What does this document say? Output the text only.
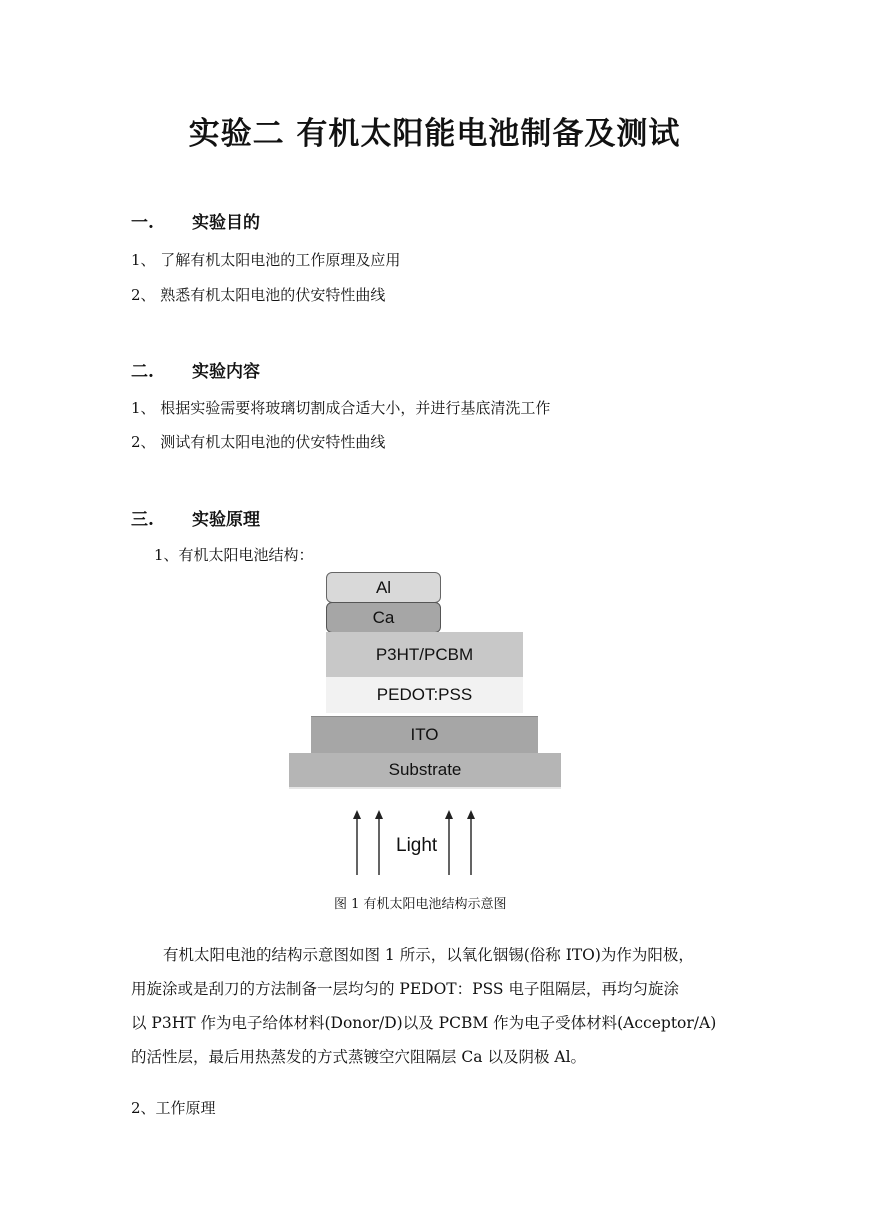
实验二 有机太阳能电池制备及测试
一. 实验目的
1、 了解有机太阳电池的工作原理及应用
2、 熟悉有机太阳电池的伏安特性曲线
二. 实验内容
1、 根据实验需要将玻璃切割成合适大小，并进行基底清洗工作
2、 测试有机太阳电池的伏安特性曲线
三. 实验原理
1、有机太阳电池结构：
Al
Ca
P3HT/PCBM
PEDOT:PSS
ITO
Substrate
Light
图 1 有机太阳电池结构示意图

有机太阳电池的结构示意图如图 1 所示，以氧化铟锡(俗称 ITO)为作为阳极，

用旋涂或是刮刀的方法制备一层均匀的 PEDOT：PSS 电子阻隔层，再均匀旋涂

以 P3HT 作为电子给体材料(Donor/D)以及 PCBM 作为电子受体材料(Acceptor/A)

的活性层，最后用热蒸发的方式蒸镀空穴阻隔层 Ca 以及阴极 Al。

2、工作原理
